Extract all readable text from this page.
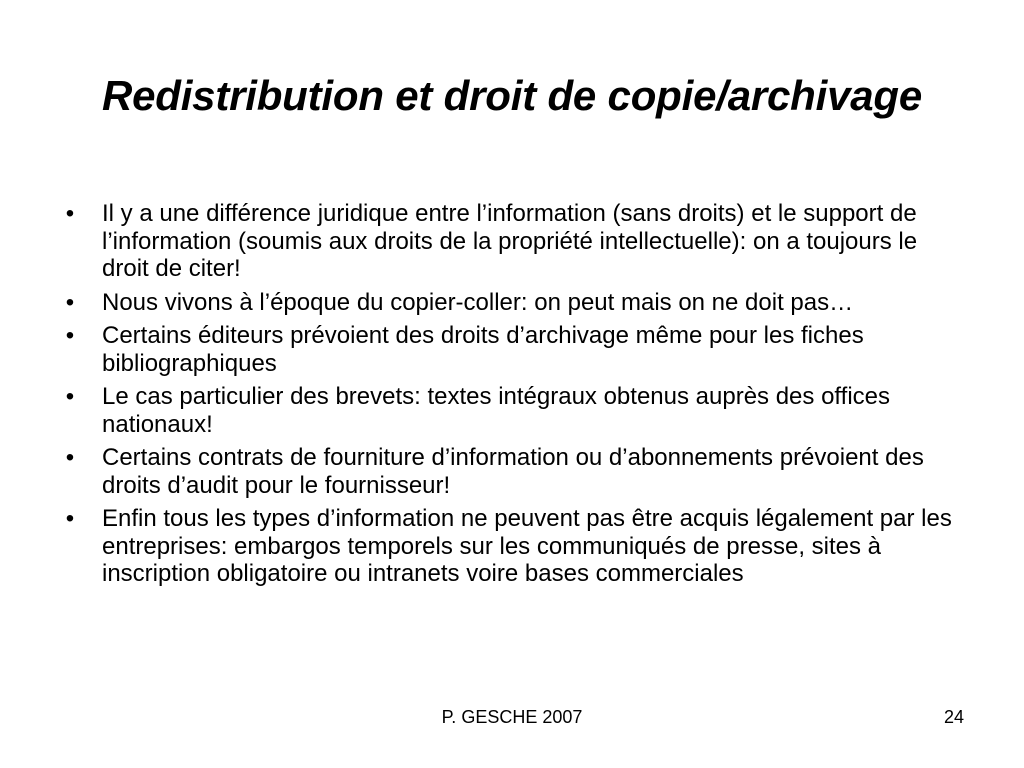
Redistribution et droit de copie/archivage
• Il y a une différence juridique entre l’information (sans droits) et le support de l’information (soumis aux droits de la propriété intellectuelle): on a toujours le droit de citer!
• Nous vivons à l’époque du copier-coller: on peut mais on ne doit pas…
• Certains éditeurs prévoient des droits d’archivage même pour les fiches bibliographiques
• Le cas particulier des brevets: textes intégraux obtenus auprès des offices nationaux!
• Certains contrats de fourniture d’information ou d’abonnements prévoient des droits d’audit pour le fournisseur!
• Enfin tous les types d’information ne peuvent pas être acquis légalement par les entreprises: embargos temporels sur les communiqués de presse, sites à inscription obligatoire ou intranets voire bases commerciales
P. GESCHE 2007	24
